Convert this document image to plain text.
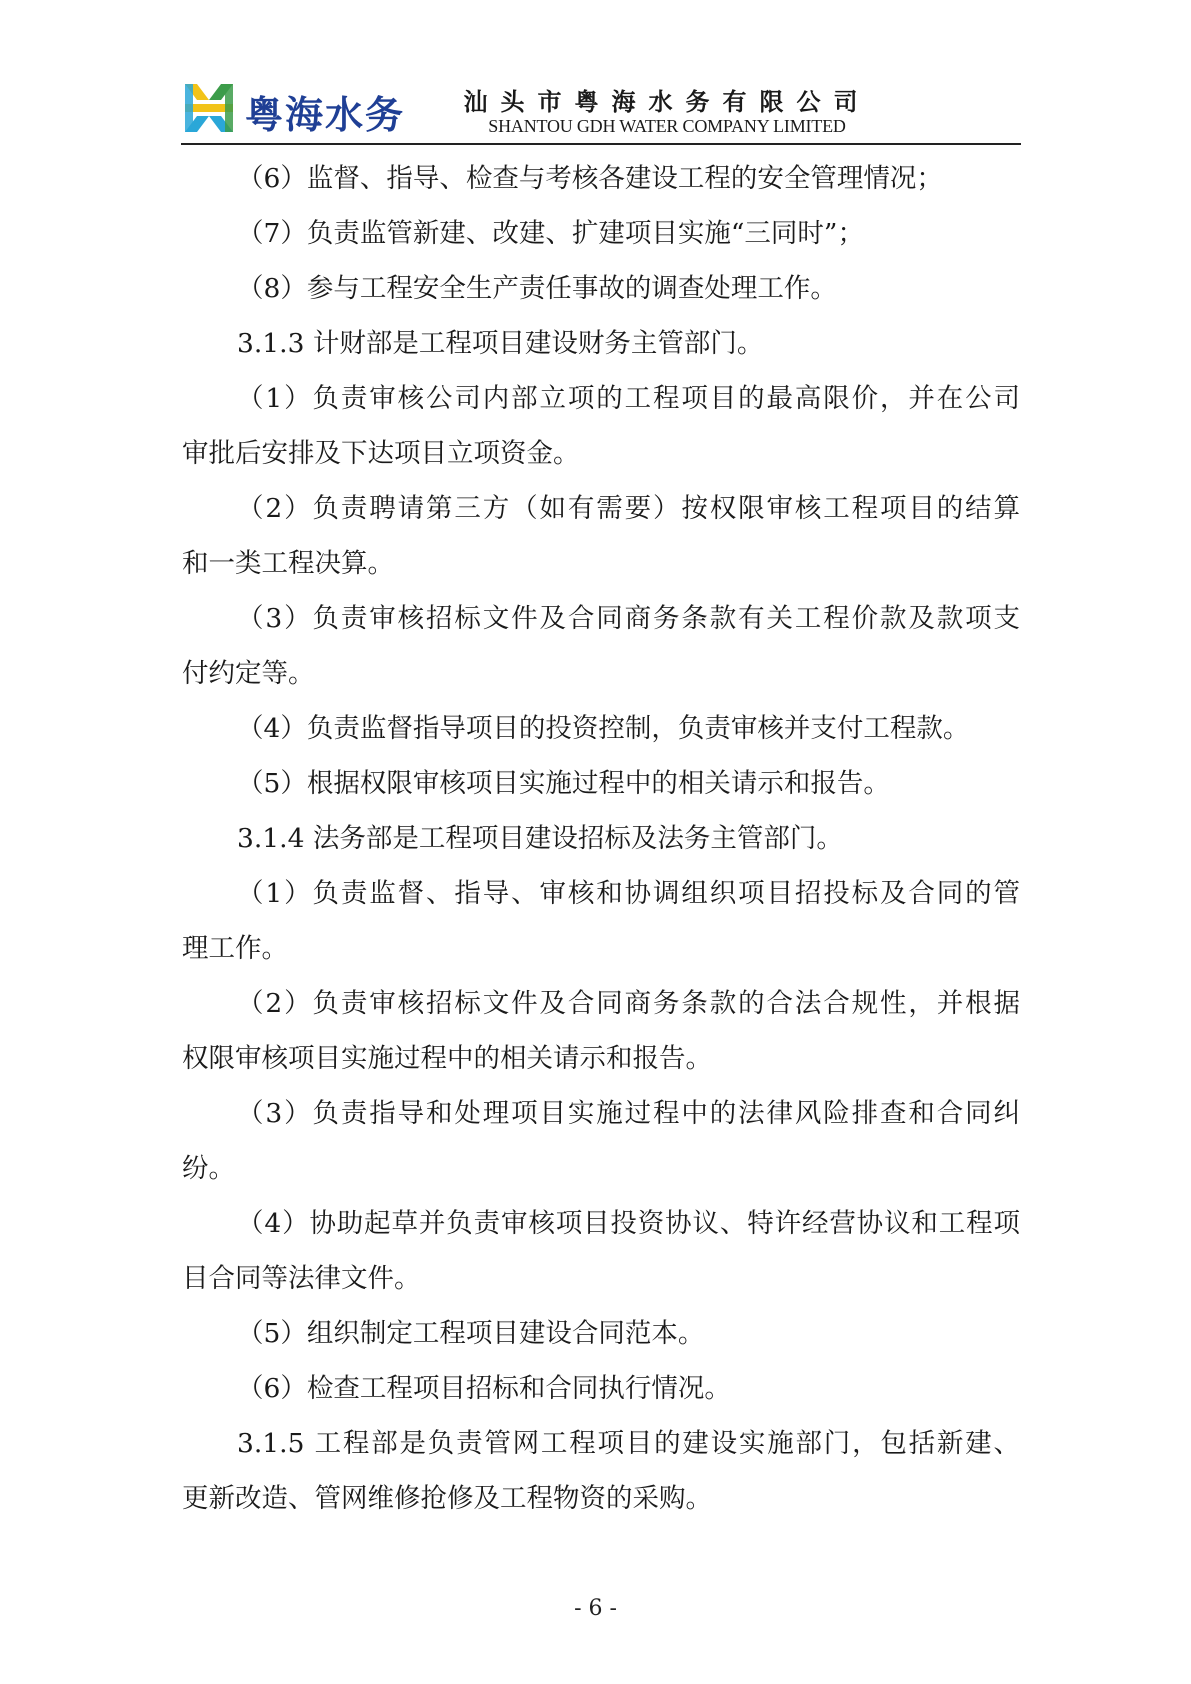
粤海水务 汕头市粤海水务有限公司
SHANTOU GDH WATER COMPANY LIMITED
（6）监督、指导、检查与考核各建设工程的安全管理情况；
（7）负责监管新建、改建、扩建项目实施“三同时”；
（8）参与工程安全生产责任事故的调查处理工作。
3.1.3 计财部是工程项目建设财务主管部门。
（1）负责审核公司内部立项的工程项目的最高限价，并在公司
审批后安排及下达项目立项资金。
（2）负责聘请第三方（如有需要）按权限审核工程项目的结算
和一类工程决算。
（3）负责审核招标文件及合同商务条款有关工程价款及款项支
付约定等。
（4）负责监督指导项目的投资控制，负责审核并支付工程款。
（5）根据权限审核项目实施过程中的相关请示和报告。
3.1.4 法务部是工程项目建设招标及法务主管部门。
（1）负责监督、指导、审核和协调组织项目招投标及合同的管
理工作。
（2）负责审核招标文件及合同商务条款的合法合规性，并根据
权限审核项目实施过程中的相关请示和报告。
（3）负责指导和处理项目实施过程中的法律风险排查和合同纠
纷。
（4）协助起草并负责审核项目投资协议、特许经营协议和工程项
目合同等法律文件。
（5）组织制定工程项目建设合同范本。
（6）检查工程项目招标和合同执行情况。
3.1.5 工程部是负责管网工程项目的建设实施部门，包括新建、
更新改造、管网维修抢修及工程物资的采购。
- 6 -
